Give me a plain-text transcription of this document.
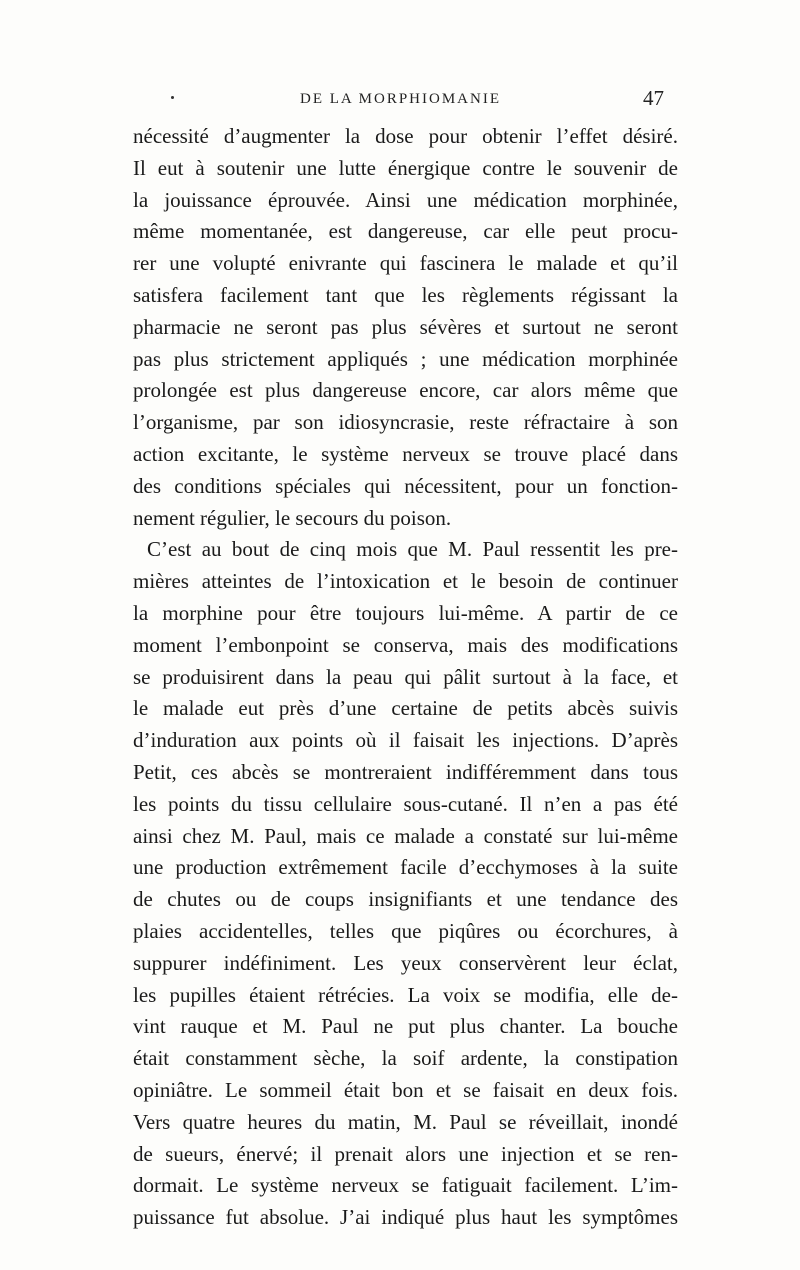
DE LA MORPHIOMANIE	47
nécessité d’augmenter la dose pour obtenir l’effet désiré.
Il eut à soutenir une lutte énergique contre le souvenir de
la jouissance éprouvée. Ainsi une médication morphinée,
même momentanée, est dangereuse, car elle peut procu-
rer une volupté enivrante qui fascinera le malade et qu’il
satisfera facilement tant que les règlements régissant la
pharmacie ne seront pas plus sévères et surtout ne seront
pas plus strictement appliqués ; une médication morphinée
prolongée est plus dangereuse encore, car alors même que
l’organisme, par son idiosyncrasie, reste réfractaire à son
action excitante, le système nerveux se trouve placé dans
des conditions spéciales qui nécessitent, pour un fonction-
nement régulier, le secours du poison.
C’est au bout de cinq mois que M. Paul ressentit les pre-
mières atteintes de l’intoxication et le besoin de continuer
la morphine pour être toujours lui-même. A partir de ce
moment l’embonpoint se conserva, mais des modifications
se produisirent dans la peau qui pâlit surtout à la face, et
le malade eut près d’une certaine de petits abcès suivis
d’induration aux points où il faisait les injections. D’après
Petit, ces abcès se montreraient indifféremment dans tous
les points du tissu cellulaire sous-cutané. Il n’en a pas été
ainsi chez M. Paul, mais ce malade a constaté sur lui-même
une production extrêmement facile d’ecchymoses à la suite
de chutes ou de coups insignifiants et une tendance des
plaies accidentelles, telles que piqûres ou écorchures, à
suppurer indéfiniment. Les yeux conservèrent leur éclat,
les pupilles étaient rétrécies. La voix se modifia, elle de-
vint rauque et M. Paul ne put plus chanter. La bouche
était constamment sèche, la soif ardente, la constipation
opiniâtre. Le sommeil était bon et se faisait en deux fois.
Vers quatre heures du matin, M. Paul se réveillait, inondé
de sueurs, énervé; il prenait alors une injection et se ren-
dormait. Le système nerveux se fatiguait facilement. L’im-
puissance fut absolue. J’ai indiqué plus haut les symptômes
